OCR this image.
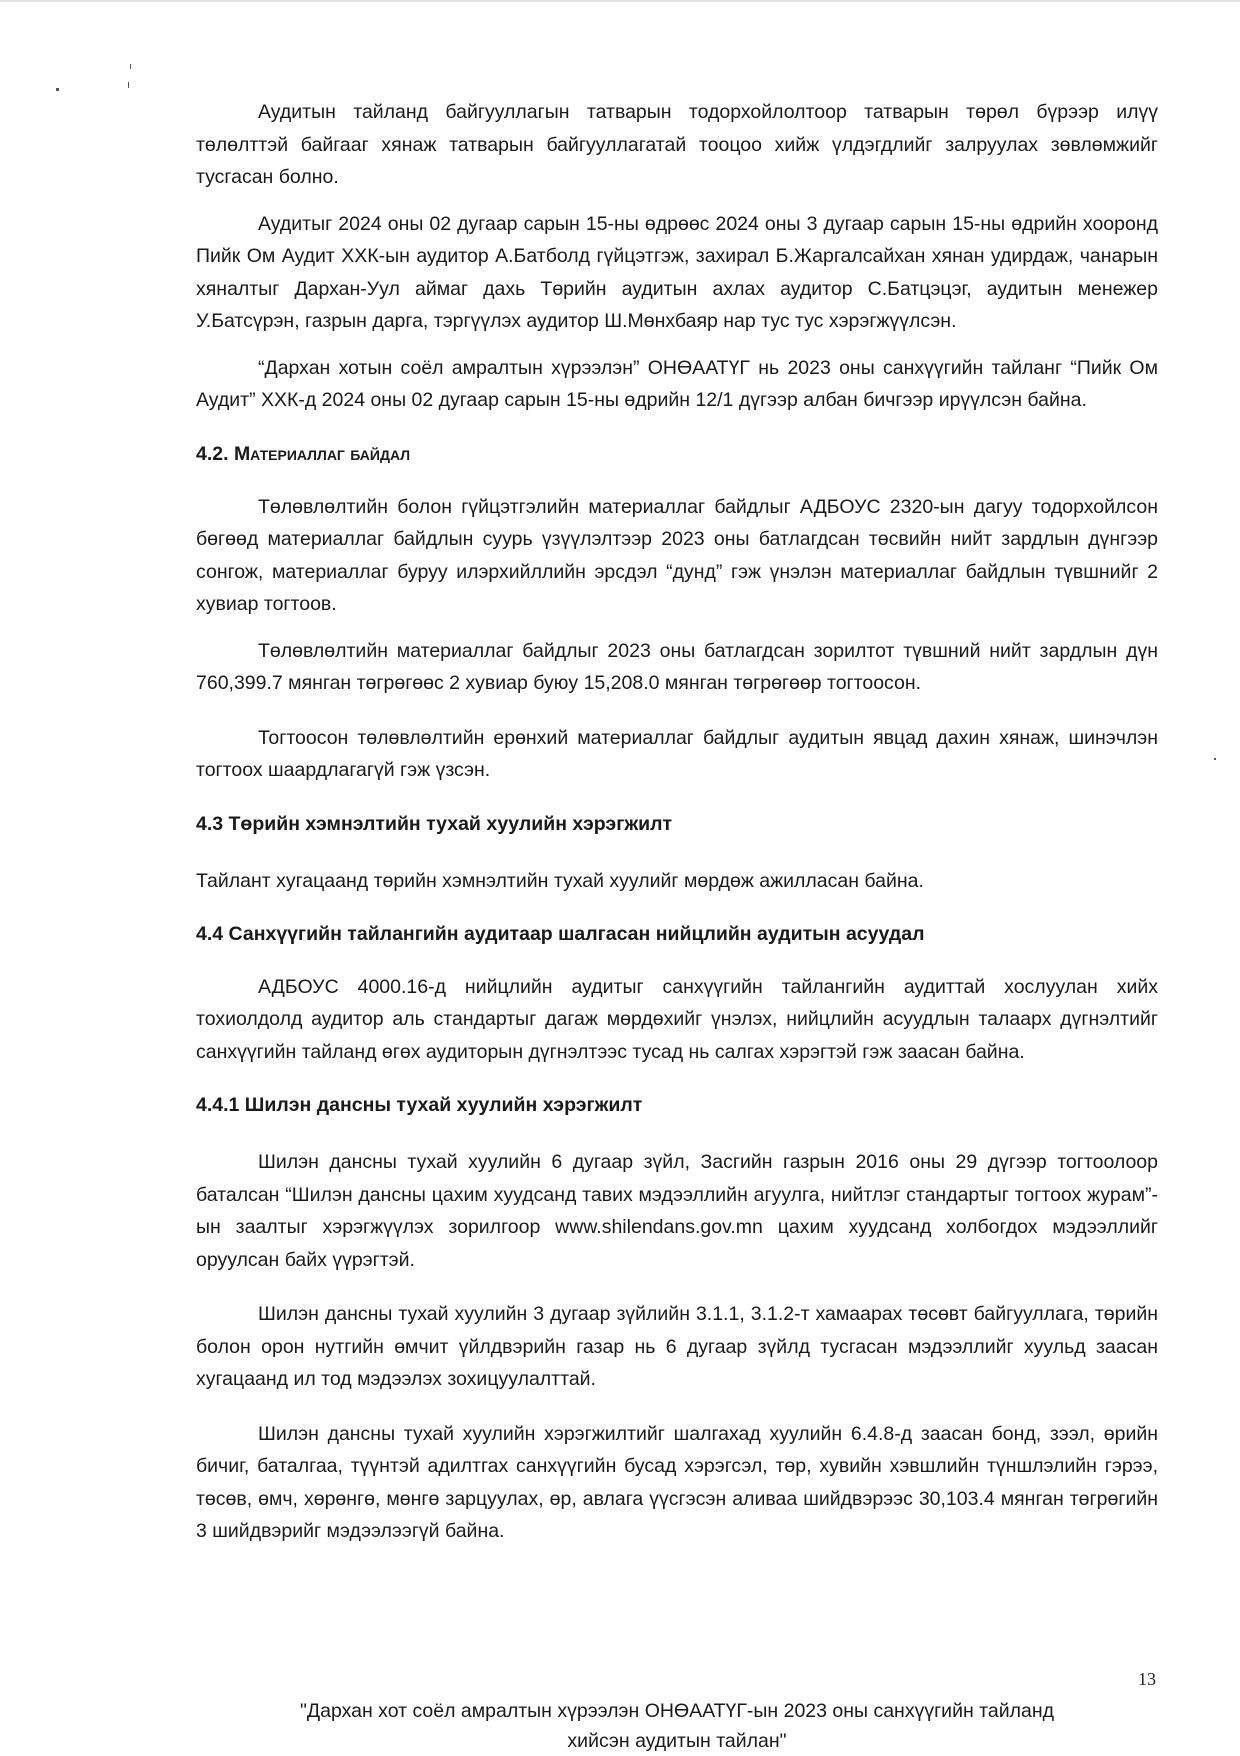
Аудитын тайланд байгууллагын татварын тодорхойлолтоор татварын төрөл бүрээр илүү төлөлттэй байгааг хянаж татварын байгууллагатай тооцоо хийж үлдэгдлийг залруулах зөвлөмжийг тусгасан болно.

Аудитыг 2024 оны 02 дугаар сарын 15-ны өдрөөс 2024 оны 3 дугаар сарын 15-ны өдрийн хооронд Пийк Ом Аудит ХХК-ын аудитор А.Батболд гүйцэтгэж, захирал Б.Жаргалсайхан хянан удирдаж, чанарын хяналтыг Дархан-Уул аймаг дахь Төрийн аудитын ахлах аудитор С.Батцэцэг, аудитын менежер У.Батсүрэн, газрын дарга, тэргүүлэх аудитор Ш.Мөнхбаяр нар тус тус хэрэгжүүлсэн.

“Дархан хотын соёл амралтын хүрээлэн” ОНӨААТҮГ нь 2023 оны санхүүгийн тайланг “Пийк Ом Аудит” ХХК-д 2024 оны 02 дугаар сарын 15-ны өдрийн 12/1 дүгээр албан бичгээр ирүүлсэн байна.

4.2. Материаллаг байдал

Төлөвлөлтийн болон гүйцэтгэлийн материаллаг байдлыг АДБОУС 2320-ын дагуу тодорхойлсон бөгөөд материаллаг байдлын суурь үзүүлэлтээр 2023 оны батлагдсан төсвийн нийт зардлын дүнгээр сонгож, материаллаг буруу илэрхийллийн эрсдэл “дунд” гэж үнэлэн материаллаг байдлын түвшнийг 2 хувиар тогтоов.

Төлөвлөлтийн материаллаг байдлыг 2023 оны батлагдсан зорилтот түвшний нийт зардлын дүн 760,399.7 мянган төгрөгөөс 2 хувиар буюу 15,208.0 мянган төгрөгөөр тогтоосон.

Тогтоосон төлөвлөлтийн ерөнхий материаллаг байдлыг аудитын явцад дахин хянаж, шинэчлэн тогтоох шаардлагагүй гэж үзсэн.

4.3 Төрийн хэмнэлтийн тухай хуулийн хэрэгжилт

Тайлант хугацаанд төрийн хэмнэлтийн тухай хуулийг мөрдөж ажилласан байна.

4.4 Санхүүгийн тайлангийн аудитаар шалгасан нийцлийн аудитын асуудал

АДБОУС 4000.16-д нийцлийн аудитыг санхүүгийн тайлангийн аудиттай хослуулан хийх тохиолдолд аудитор аль стандартыг дагаж мөрдөхийг үнэлэх, нийцлийн асуудлын талаарх дүгнэлтийг санхүүгийн тайланд өгөх аудиторын дүгнэлтээс тусад нь салгах хэрэгтэй гэж заасан байна.

4.4.1 Шилэн дансны тухай хуулийн хэрэгжилт

Шилэн дансны тухай хуулийн 6 дугаар зүйл, Засгийн газрын 2016 оны 29 дүгээр тогтоолоор баталсан “Шилэн дансны цахим хуудсанд тавих мэдээллийн агуулга, нийтлэг стандартыг тогтоох журам”-ын заалтыг хэрэгжүүлэх зорилгоор www.shilendans.gov.mn цахим хуудсанд холбогдох мэдээллийг оруулсан байх үүрэгтэй.

Шилэн дансны тухай хуулийн 3 дугаар зүйлийн 3.1.1, 3.1.2-т хамаарах төсөвт байгууллага, төрийн болон орон нутгийн өмчит үйлдвэрийн газар нь 6 дугаар зүйлд тусгасан мэдээллийг хуульд заасан хугацаанд ил тод мэдээлэх зохицуулалттай.

Шилэн дансны тухай хуулийн хэрэгжилтийг шалгахад хуулийн 6.4.8-д заасан бонд, зээл, өрийн бичиг, баталгаа, түүнтэй адилтгах санхүүгийн бусад хэрэгсэл, төр, хувийн хэвшлийн түншлэлийн гэрээ, төсөв, өмч, хөрөнгө, мөнгө зарцуулах, өр, авлага үүсгэсэн аливаа шийдвэрээс 30,103.4 мянган төгрөгийн 3 шийдвэрийг мэдээлээгүй байна.

13
"Дархан хот соёл амралтын хүрээлэн ОНӨААТҮГ-ын 2023 оны санхүүгийн тайланд
хийсэн аудитын тайлан"
